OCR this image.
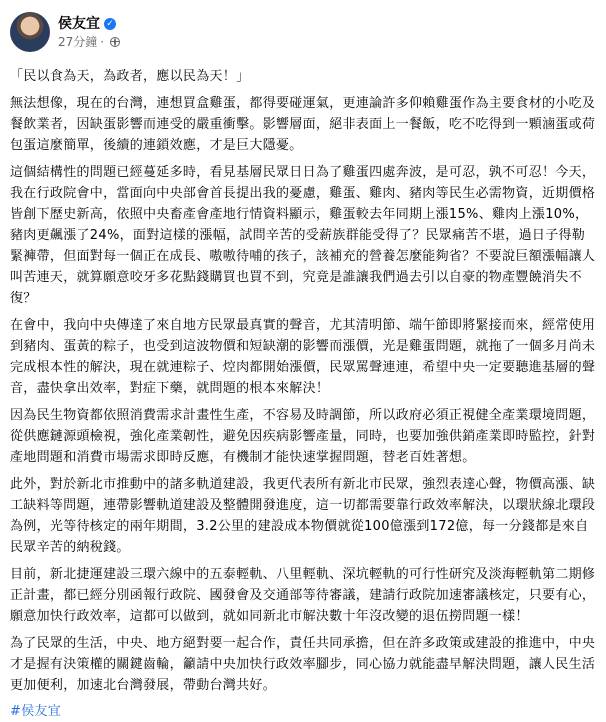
侯友宜 ✓
27分鐘 ·

「民以食為天，為政者，應以民為天！」

無法想像，現在的台灣，連想買盒雞蛋，都得要碰運氣，更連論許多仰賴雞蛋作為主要食材的小吃及餐飲業者，因缺蛋影響而連受的嚴重衝擊。影響層面，絕非表面上一餐飯，吃不吃得到一顆滷蛋或荷包蛋這麼簡單，後續的連鎖效應，才是巨大隱憂。

這個結構性的問題已經蔓延多時，看見基層民眾日日為了雞蛋四處奔波，是可忍，孰不可忍！今天，我在行政院會中，當面向中央部會首長提出我的憂慮，雞蛋、雞肉、豬肉等民生必需物資，近期價格皆創下歷史新高，依照中央畜產會產地行情資料顯示，雞蛋較去年同期上漲15%、雞肉上漲10%，豬肉更飆漲了24%，面對這樣的漲幅，試問辛苦的受薪族群能受得了？民眾痛苦不堪，過日子得勒緊褲帶，但面對每一個正在成長、嗷嗷待哺的孩子，該補充的營養怎麼能夠省？不要說巨額漲幅讓人叫苦連天，就算願意咬牙多花點錢購買也買不到，究竟是誰讓我們過去引以自豪的物產豐饒消失不復？

在會中，我向中央傳達了來自地方民眾最真實的聲音，尤其清明節、端午節即將緊接而來，經常使用到豬肉、蛋黃的粽子，也受到這波物價和短缺潮的影響而漲價，光是雞蛋問題，就拖了一個多月尚未完成根本性的解決，現在就連粽子、焢肉都開始漲價，民眾罵聲連連，希望中央一定要聽進基層的聲音，盡快拿出效率，對症下藥，就問題的根本來解決！

因為民生物資都依照消費需求計畫性生產，不容易及時調節，所以政府必須正視健全產業環境問題，從供應鏈源頭檢視，強化產業韌性，避免因疾病影響產量，同時，也要加強供銷產業即時監控，針對產地問題和消費市場需求即時反應，有機制才能快速掌握問題，替老百姓著想。

此外，對於新北市推動中的諸多軌道建設，我更代表所有新北市民眾，強烈表達心聲，物價高漲、缺工缺料等問題，連帶影響軌道建設及整體開發進度，這一切都需要靠行政效率解決，以環狀線北環段為例，光等待核定的兩年期間，3.2公里的建設成本物價就從100億漲到172億，每一分錢都是來自民眾辛苦的納稅錢。

目前，新北捷運建設三環六線中的五泰輕軌、八里輕軌、深坑輕軌的可行性研究及淡海輕軌第二期修正計畫，都已經分別函報行政院、國發會及交通部等待審議，建請行政院加速審議核定，只要有心，願意加快行政效率，這都可以做到，就如同新北市解決數十年沒改變的退伍撈問題一樣！

為了民眾的生活，中央、地方絕對要一起合作，責任共同承擔，但在許多政策或建設的推進中，中央才是握有決策權的關鍵齒輪，籲請中央加快行政效率腳步，同心協力就能盡早解決問題，讓人民生活更加便利，加速北台灣發展，帶動台灣共好。

#侯友宜
